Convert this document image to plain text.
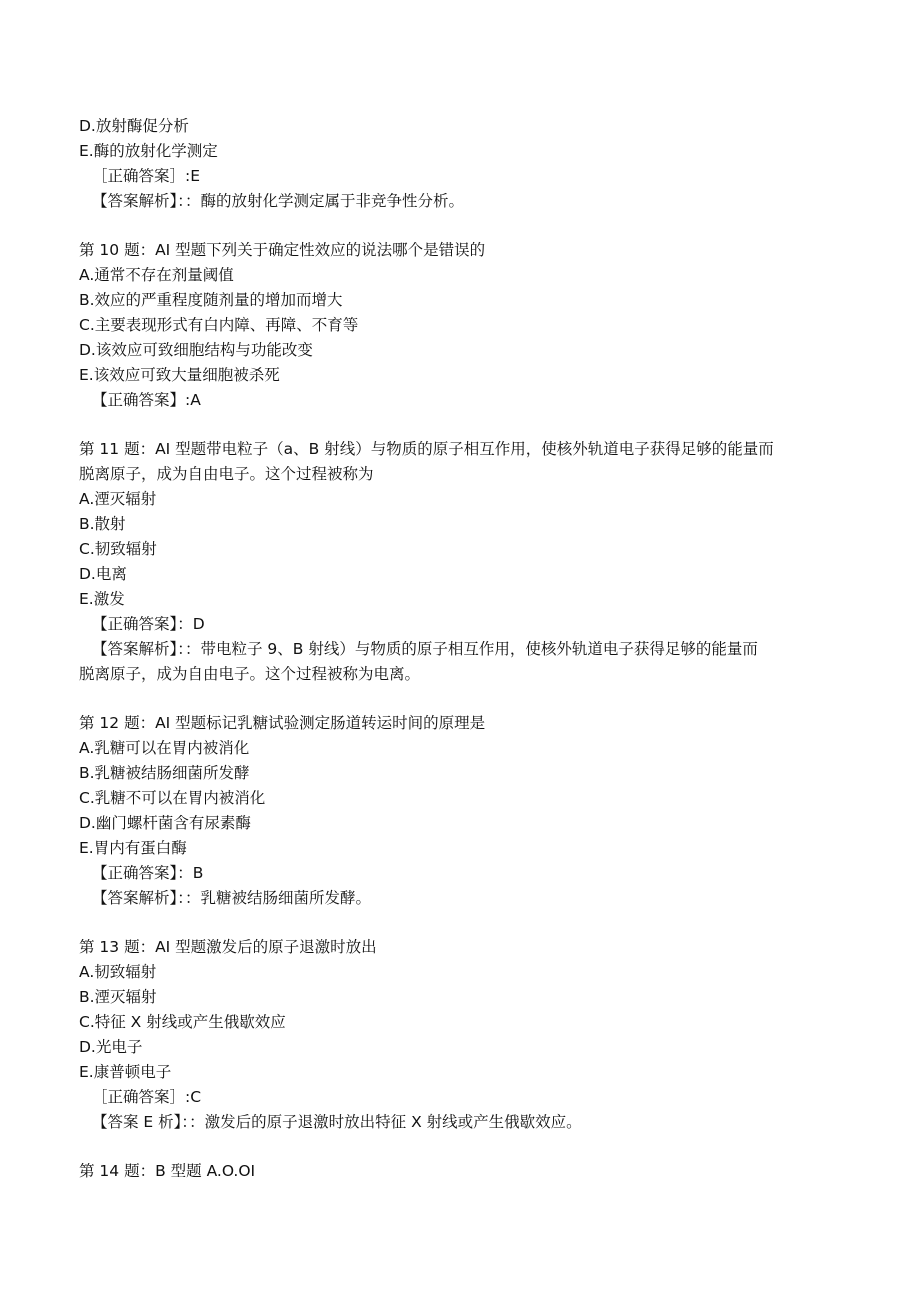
D.放射酶促分析
E.酶的放射化学测定
［正确答案］:E
【答案解析】：：酶的放射化学测定属于非竞争性分析。
第 10 题：AI 型题下列关于确定性效应的说法哪个是错误的
A.通常不存在剂量阈值
B.效应的严重程度随剂量的增加而增大
C.主要表现形式有白内障、再障、不育等
D.该效应可致细胞结构与功能改变
E.该效应可致大量细胞被杀死
【正确答案】:A
第 11 题：AI 型题带电粒子（a、B 射线）与物质的原子相互作用，使核外轨道电子获得足够的能量而
脱离原子，成为自由电子。这个过程被称为
A.湮灭辐射
B.散射
C.韧致辐射
D.电离
E.激发
【正确答案】：D
【答案解析】：：带电粒子 9、B 射线）与物质的原子相互作用，使核外轨道电子获得足够的能量而
脱离原子，成为自由电子。这个过程被称为电离。
第 12 题：AI 型题标记乳糖试验测定肠道转运时间的原理是
A.乳糖可以在胃内被消化
B.乳糖被结肠细菌所发酵
C.乳糖不可以在胃内被消化
D.幽门螺杆菌含有尿素酶
E.胃内有蛋白酶
【正确答案】：B
【答案解析】：：乳糖被结肠细菌所发酵。
第 13 题：AI 型题激发后的原子退激时放出
A.韧致辐射
B.湮灭辐射
C.特征 X 射线或产生俄歇效应
D.光电子
E.康普顿电子
［正确答案］:C
【答案 E 析】：：激发后的原子退激时放出特征 X 射线或产生俄歇效应。
第 14 题：B 型题 A.O.OI
